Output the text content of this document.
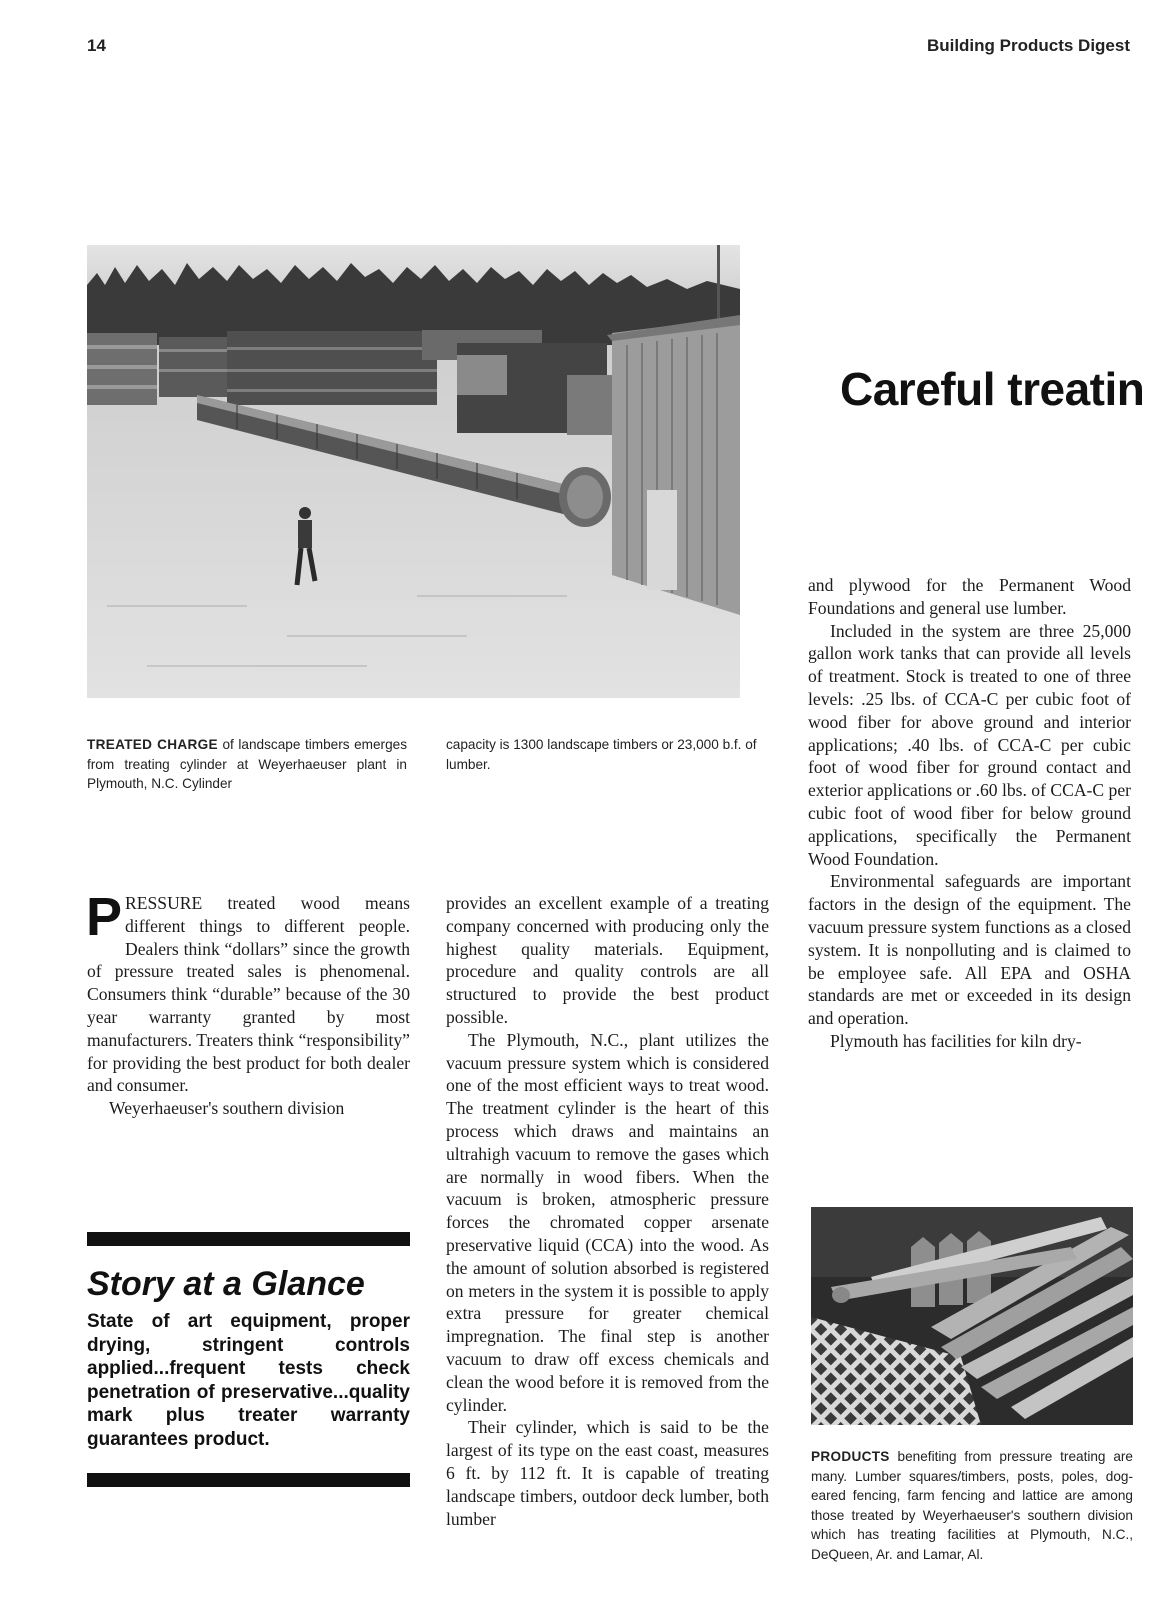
14	Building Products Digest
Careful treatin

TREATED CHARGE of landscape timbers emerges from treating cylinder at Weyerhaeuser plant in Plymouth, N.C. Cylinder

capacity is 1300 landscape timbers or 23,000 b.f. of lumber.

PRESSURE treated wood means different things to different people. Dealers think “dollars” since the growth of pressure treated sales is phenomenal. Consumers think “durable” because of the 30 year warranty granted by most manufacturers. Treaters think “responsibility” for providing the best product for both dealer and consumer.

Weyerhaeuser's southern division

Story at a Glance

State of art equipment, proper drying, stringent controls applied...frequent tests check penetration of preservative...quality mark plus treater warranty guarantees product.

provides an excellent example of a treating company concerned with producing only the highest quality materials. Equipment, procedure and quality controls are all structured to provide the best product possible.

The Plymouth, N.C., plant utilizes the vacuum pressure system which is considered one of the most efficient ways to treat wood. The treatment cylinder is the heart of this process which draws and maintains an ultrahigh vacuum to remove the gases which are normally in wood fibers. When the vacuum is broken, atmospheric pressure forces the chromated copper arsenate preservative liquid (CCA) into the wood. As the amount of solution absorbed is registered on meters in the system it is possible to apply extra pressure for greater chemical impregnation. The final step is another vacuum to draw off excess chemicals and clean the wood before it is removed from the cylinder.

Their cylinder, which is said to be the largest of its type on the east coast, measures 6 ft. by 112 ft. It is capable of treating landscape timbers, outdoor deck lumber, both lumber

and plywood for the Permanent Wood Foundations and general use lumber.

Included in the system are three 25,000 gallon work tanks that can provide all levels of treatment. Stock is treated to one of three levels: .25 lbs. of CCA-C per cubic foot of wood fiber for above ground and interior applications; .40 lbs. of CCA-C per cubic foot of wood fiber for ground contact and exterior applications or .60 lbs. of CCA-C per cubic foot of wood fiber for below ground applications, specifically the Permanent Wood Foundation.

Environmental safeguards are important factors in the design of the equipment. The vacuum pressure system functions as a closed system. It is nonpolluting and is claimed to be employee safe. All EPA and OSHA standards are met or exceeded in its design and operation.

Plymouth has facilities for kiln dry-

PRODUCTS benefiting from pressure treating are many. Lumber squares/timbers, posts, poles, dog-eared fencing, farm fencing and lattice are among those treated by Weyerhaeuser's southern division which has treating facilities at Plymouth, N.C., DeQueen, Ar. and Lamar, Al.
